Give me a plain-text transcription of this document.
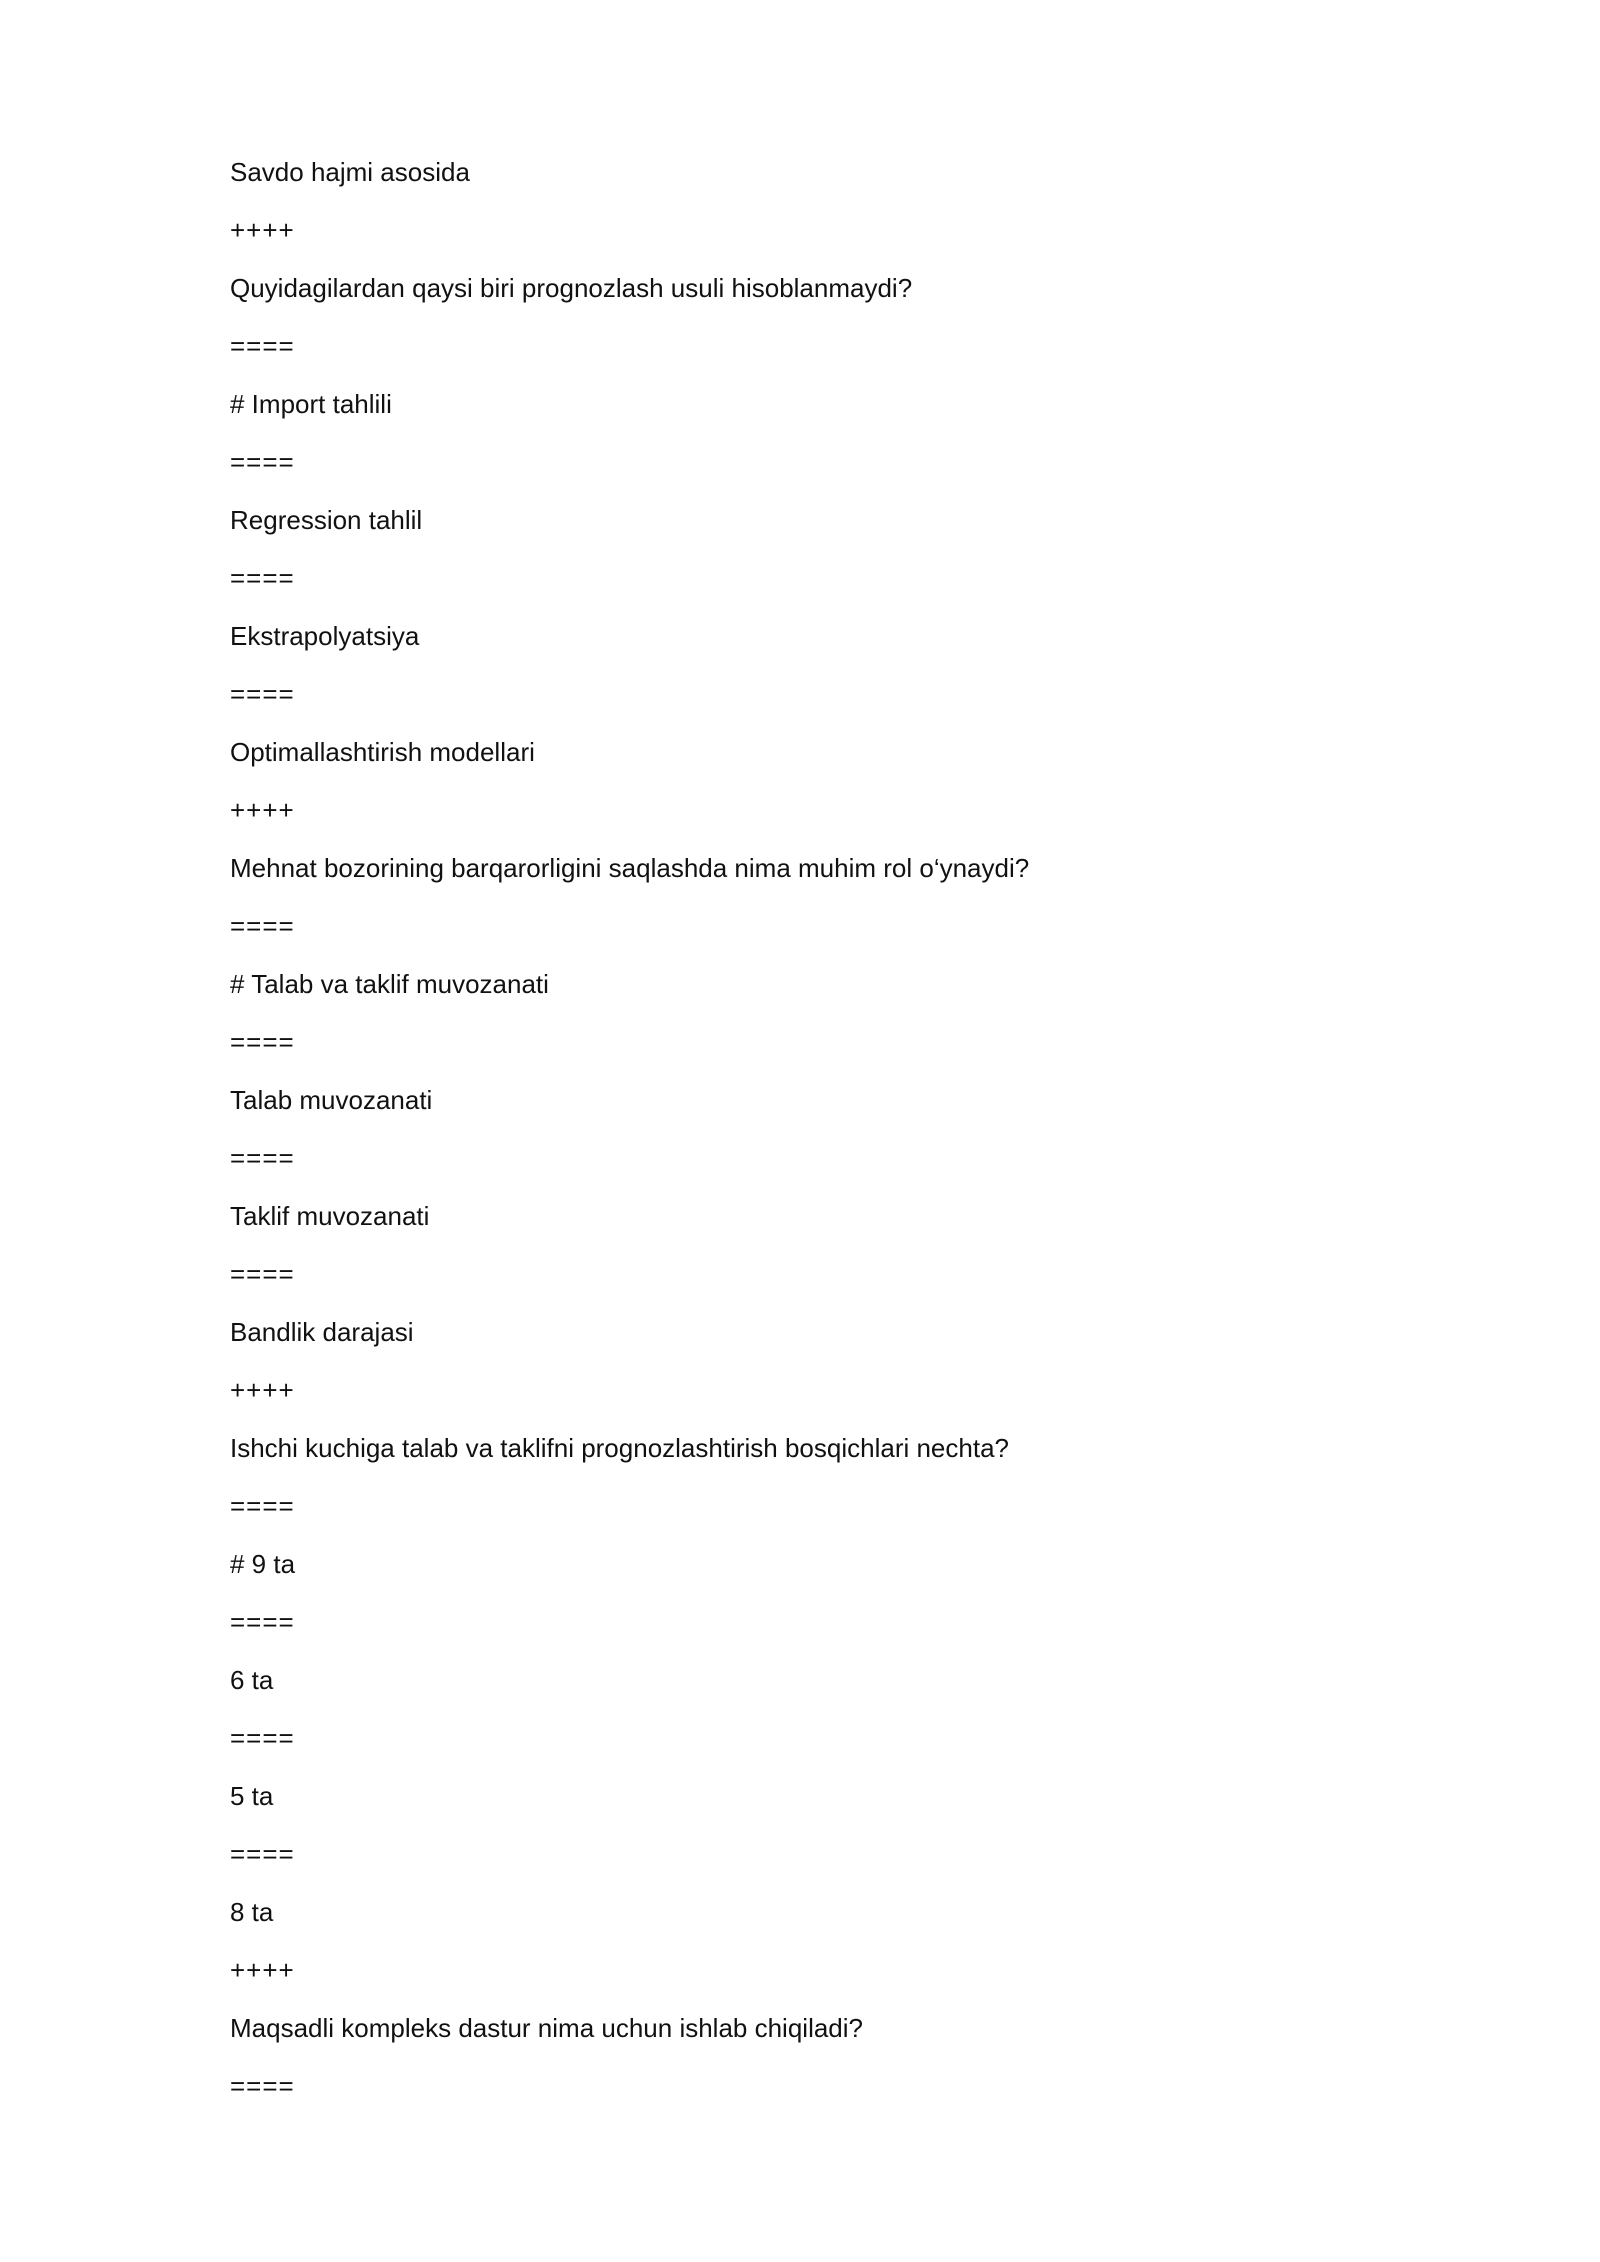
Savdo hajmi asosida

++++

Quyidagilardan qaysi biri prognozlash usuli hisoblanmaydi?

====

# Import tahlili

====

Regression tahlil

====

Ekstrapolyatsiya

====

Optimallashtirish modellari

++++

Mehnat bozorining barqarorligini saqlashda nima muhim rol o‘ynaydi?

====

# Talab va taklif muvozanati

====

Talab muvozanati

====

Taklif muvozanati

====

Bandlik darajasi

++++

Ishchi kuchiga talab va taklifni prognozlashtirish bosqichlari nechta?

====

# 9 ta

====

6 ta

====

5 ta

====

8 ta

++++

Maqsadli kompleks dastur nima uchun ishlab chiqiladi?

====
